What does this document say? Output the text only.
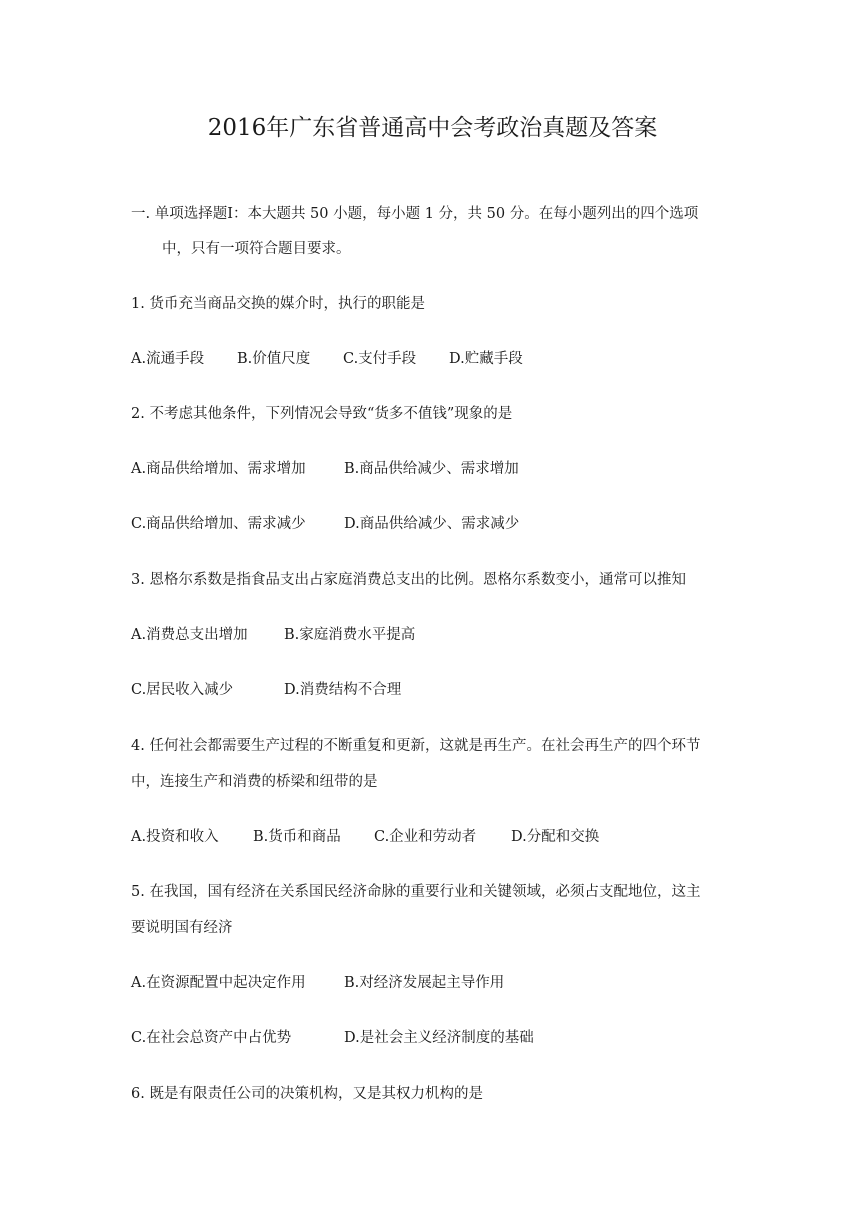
2016年广东省普通高中会考政治真题及答案
一. 单项选择题Ⅰ：本大题共 50 小题，每小题 1 分，共 50 分。在每小题列出的四个选项
中，只有一项符合题目要求。
1. 货币充当商品交换的媒介时，执行的职能是
A.流通手段 B.价值尺度 C.支付手段 D.贮藏手段
2. 不考虑其他条件，下列情况会导致“货多不值钱”现象的是
A.商品供给增加、需求增加	B.商品供给减少、需求增加
C.商品供给增加、需求减少	D.商品供给减少、需求减少
3. 恩格尔系数是指食品支出占家庭消费总支出的比例。恩格尔系数变小，通常可以推知
A.消费总支出增加	B.家庭消费水平提高
C.居民收入减少	D.消费结构不合理
4. 任何社会都需要生产过程的不断重复和更新，这就是再生产。在社会再生产的四个环节
中，连接生产和消费的桥梁和纽带的是
A.投资和收入 B.货币和商品 C.企业和劳动者 D.分配和交换
5. 在我国，国有经济在关系国民经济命脉的重要行业和关键领域，必须占支配地位，这主
要说明国有经济
A.在资源配置中起决定作用	B.对经济发展起主导作用
C.在社会总资产中占优势	D.是社会主义经济制度的基础
6. 既是有限责任公司的决策机构，又是其权力机构的是
